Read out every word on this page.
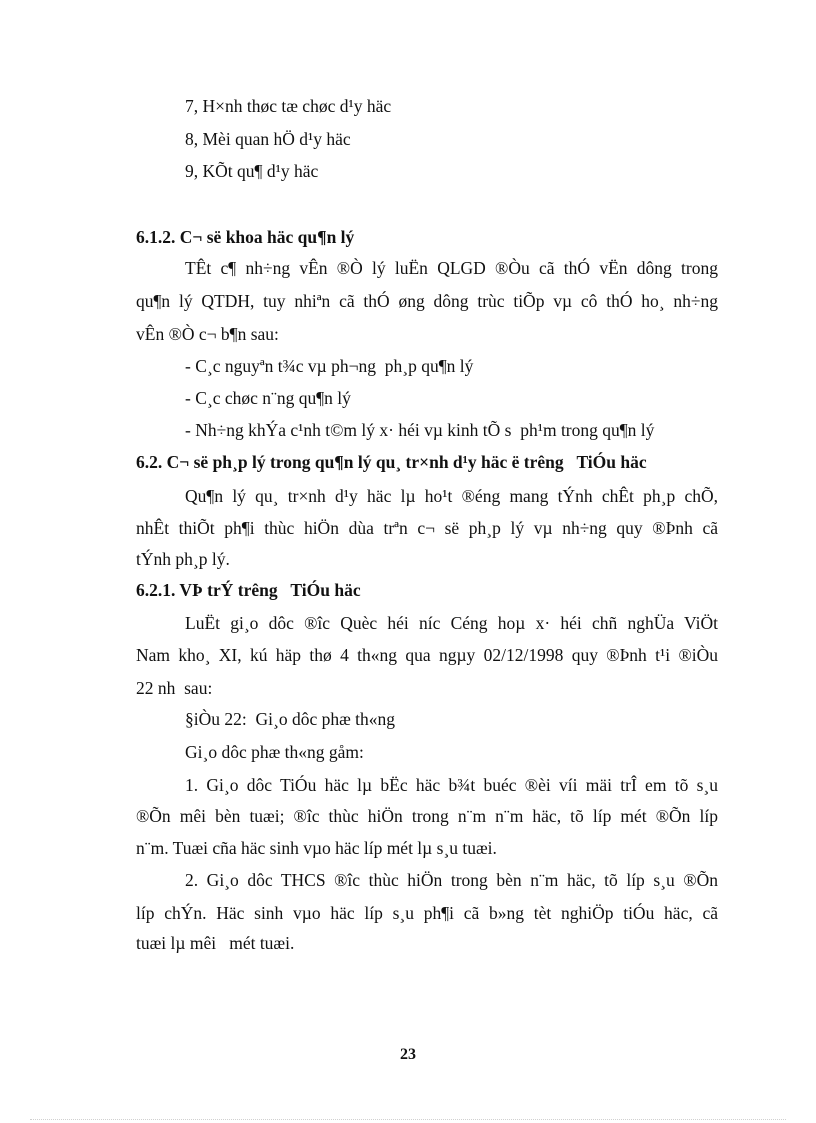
7, H×nh thøc tæ chøc d¹y häc
8, Mèi quan hÖ d¹y häc
9, KÕt qu¶ d¹y häc
6.1.2. C¬ së khoa häc qu¶n lý
TÊt c¶ nh÷ng vÊn ®Ò lý luËn QLGD ®Òu cã thÓ vËn dông trong
qu¶n lý QTDH, tuy nhiªn cã thÓ øng dông trùc tiÕp vµ cô thÓ ho¸ nh÷ng
vÊn ®Ò c¬ b¶n sau:
- C¸c nguyªn t¾c vµ ph¬ng  ph¸p qu¶n lý
- C¸c chøc n¨ng qu¶n lý
- Nh÷ng khÝa c¹nh t©m lý x· héi vµ kinh tÕ s  ph¹m trong qu¶n lý
6.2. C¬ së ph¸p lý trong qu¶n lý qu¸ tr×nh d¹y häc ë trêng   TiÓu häc
Qu¶n lý qu¸ tr×nh d¹y häc lµ ho¹t ®éng mang tÝnh chÊt ph¸p chÕ,
nhÊt thiÕt ph¶i thùc hiÖn dùa trªn c¬ së ph¸p lý vµ nh÷ng quy ®Þnh cã
tÝnh ph¸p lý.
6.2.1. VÞ trÝ trêng   TiÓu häc
LuËt gi¸o dôc ®îc Quèc héi níc Céng hoµ x· héi chñ nghÜa ViÖt
Nam kho¸ XI, kú häp thø 4 th«ng qua ngµy 02/12/1998 quy ®Þnh t¹i ®iÒu
22 nh  sau:
§iÒu 22:  Gi¸o dôc phæ th«ng
Gi¸o dôc phæ th«ng gåm:
1. Gi¸o dôc TiÓu häc lµ bËc häc b¾t buéc ®èi víi mäi trÎ em tõ s¸u
®Õn mêi bèn tuæi; ®îc thùc hiÖn trong n¨m n¨m häc, tõ líp mét ®Õn líp
n¨m. Tuæi cña häc sinh vµo häc líp mét lµ s¸u tuæi.
2. Gi¸o dôc THCS ®îc thùc hiÖn trong bèn n¨m häc, tõ líp s¸u ®Õn
líp chÝn. Häc sinh vµo häc líp s¸u ph¶i cã b»ng tèt nghiÖp tiÓu häc, cã
tuæi lµ mêi   mét tuæi.
23
